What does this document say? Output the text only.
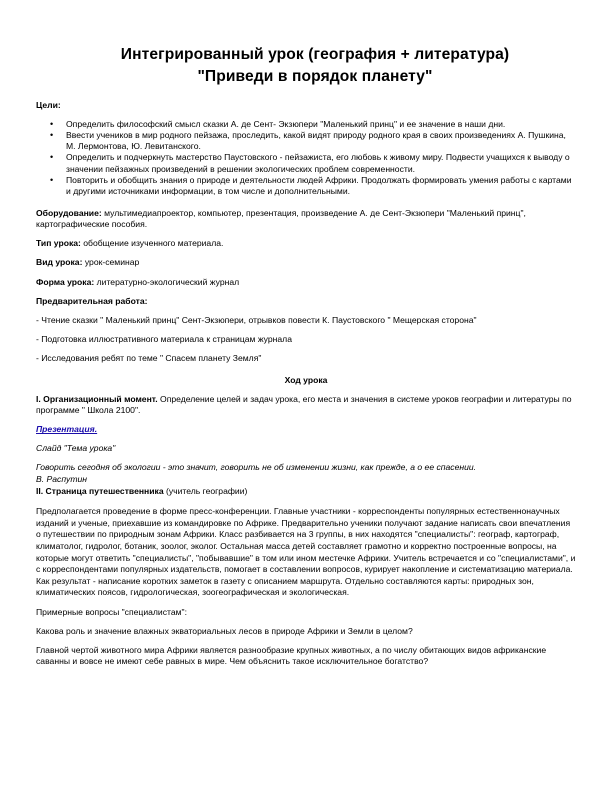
Интегрированный урок (география + литература)
"Приведи в порядок планету"

Цели:

• Определить философский смысл сказки А. де Сент- Экзюпери "Маленький принц" и ее значение в наши дни.
• Ввести учеников в мир родного пейзажа, проследить, какой видят природу родного края в своих произведениях А. Пушкина, М. Лермонтова, Ю. Левитанского.
• Определить и подчеркнуть мастерство Паустовского - пейзажиста, его любовь к живому миру. Подвести учащихся к выводу о значении пейзажных произведений в решении экологических проблем современности.
• Повторить и обобщить знания о природе и деятельности людей Африки. Продолжать формировать умения работы с картами и другими источниками информации, в том числе и дополнительными.

Оборудование: мультимедиапроектор, компьютер, презентация, произведение А. де Сент-Экзюпери "Маленький принц", картографические пособия.

Тип урока: обобщение изученного материала.

Вид урока: урок-семинар

Форма урока: литературно-экологический журнал

Предварительная работа:

- Чтение сказки " Маленький принц" Сент-Экзюпери, отрывков повести К. Паустовского " Мещерская сторона"

- Подготовка иллюстративного материала к страницам журнала

- Исследования ребят по теме " Спасем планету Земля"

Ход урока

I. Организационный момент. Определение целей и задач урока, его места и значения в системе уроков географии и литературы по программе " Школа 2100".

Презентация.

Слайд "Тема урока"

Говорить сегодня об экологии - это значит, говорить не об изменении жизни, как прежде, а о ее спасении.

В. Распутин

II. Страница путешественника (учитель географии)

Предполагается проведение в форме пресс-конференции. Главные участники - корреспонденты популярных естественнонаучных изданий и ученые, приехавшие из командировке по Африке. Предварительно ученики получают задание написать свои впечатления о путешествии по природным зонам Африки. Класс разбивается на 3 группы, в них находятся "специалисты": географ, картограф, климатолог, гидролог, ботаник, зоолог, эколог. Остальная масса детей составляет грамотно и корректно построенные вопросы, на которые могут ответить "специалисты", "побывавшие" в том или ином местечке Африки. Учитель встречается и со "специалистами", и с корреспондентами популярных издательств, помогает в составлении вопросов, курирует накопление и систематизацию материала. Как результат - написание коротких заметок в газету с описанием маршрута. Отдельно составляются карты: природных зон, климатических поясов, гидрологическая, зоогеографическая и экологическая.

Примерные вопросы "специалистам":

Какова роль и значение влажных экваториальных лесов в природе Африки и Земли в целом?

Главной чертой животного мира Африки является разнообразие крупных животных, а по числу обитающих видов африканские саванны и вовсе не имеют себе равных в мире. Чем объяснить такое исключительное богатство?
